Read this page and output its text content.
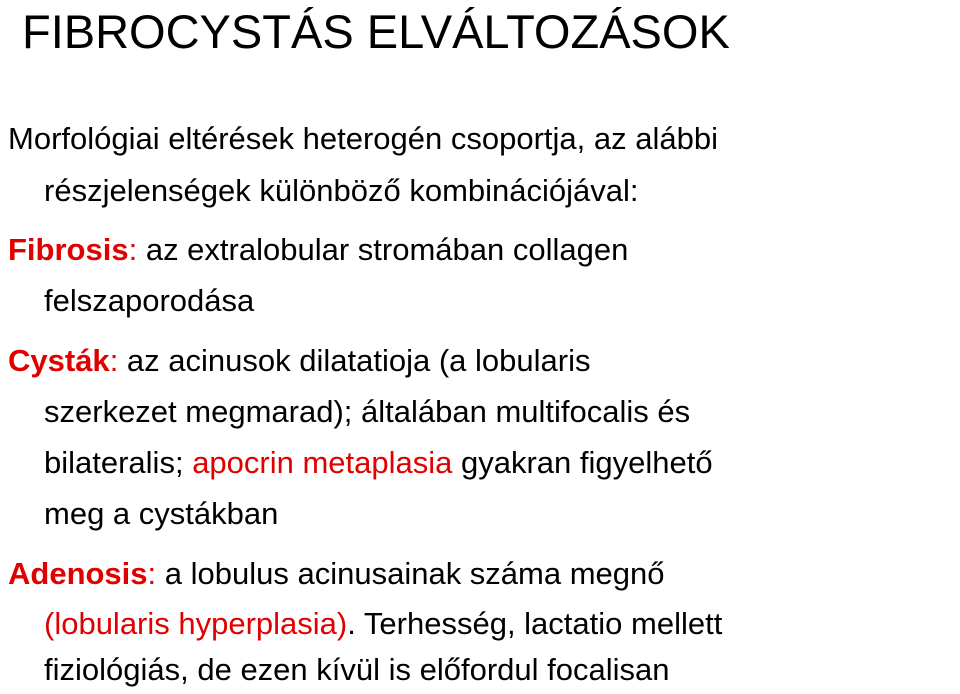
FIBROCYSTÁS ELVÁLTOZÁSOK
Morfológiai eltérések heterogén csoportja, az alábbi
részjelenségek különböző kombinációjával:
Fibrosis: az extralobular stromában collagen
felszaporodása
Cysták: az acinusok dilatatioja (a lobularis
szerkezet megmarad); általában multifocalis és
bilateralis; apocrin metaplasia gyakran figyelhető
meg a cystákban
Adenosis: a lobulus acinusainak száma megnő
(lobularis hyperplasia). Terhesség, lactatio mellett
fiziológiás, de ezen kívül is előfordul focalisan
